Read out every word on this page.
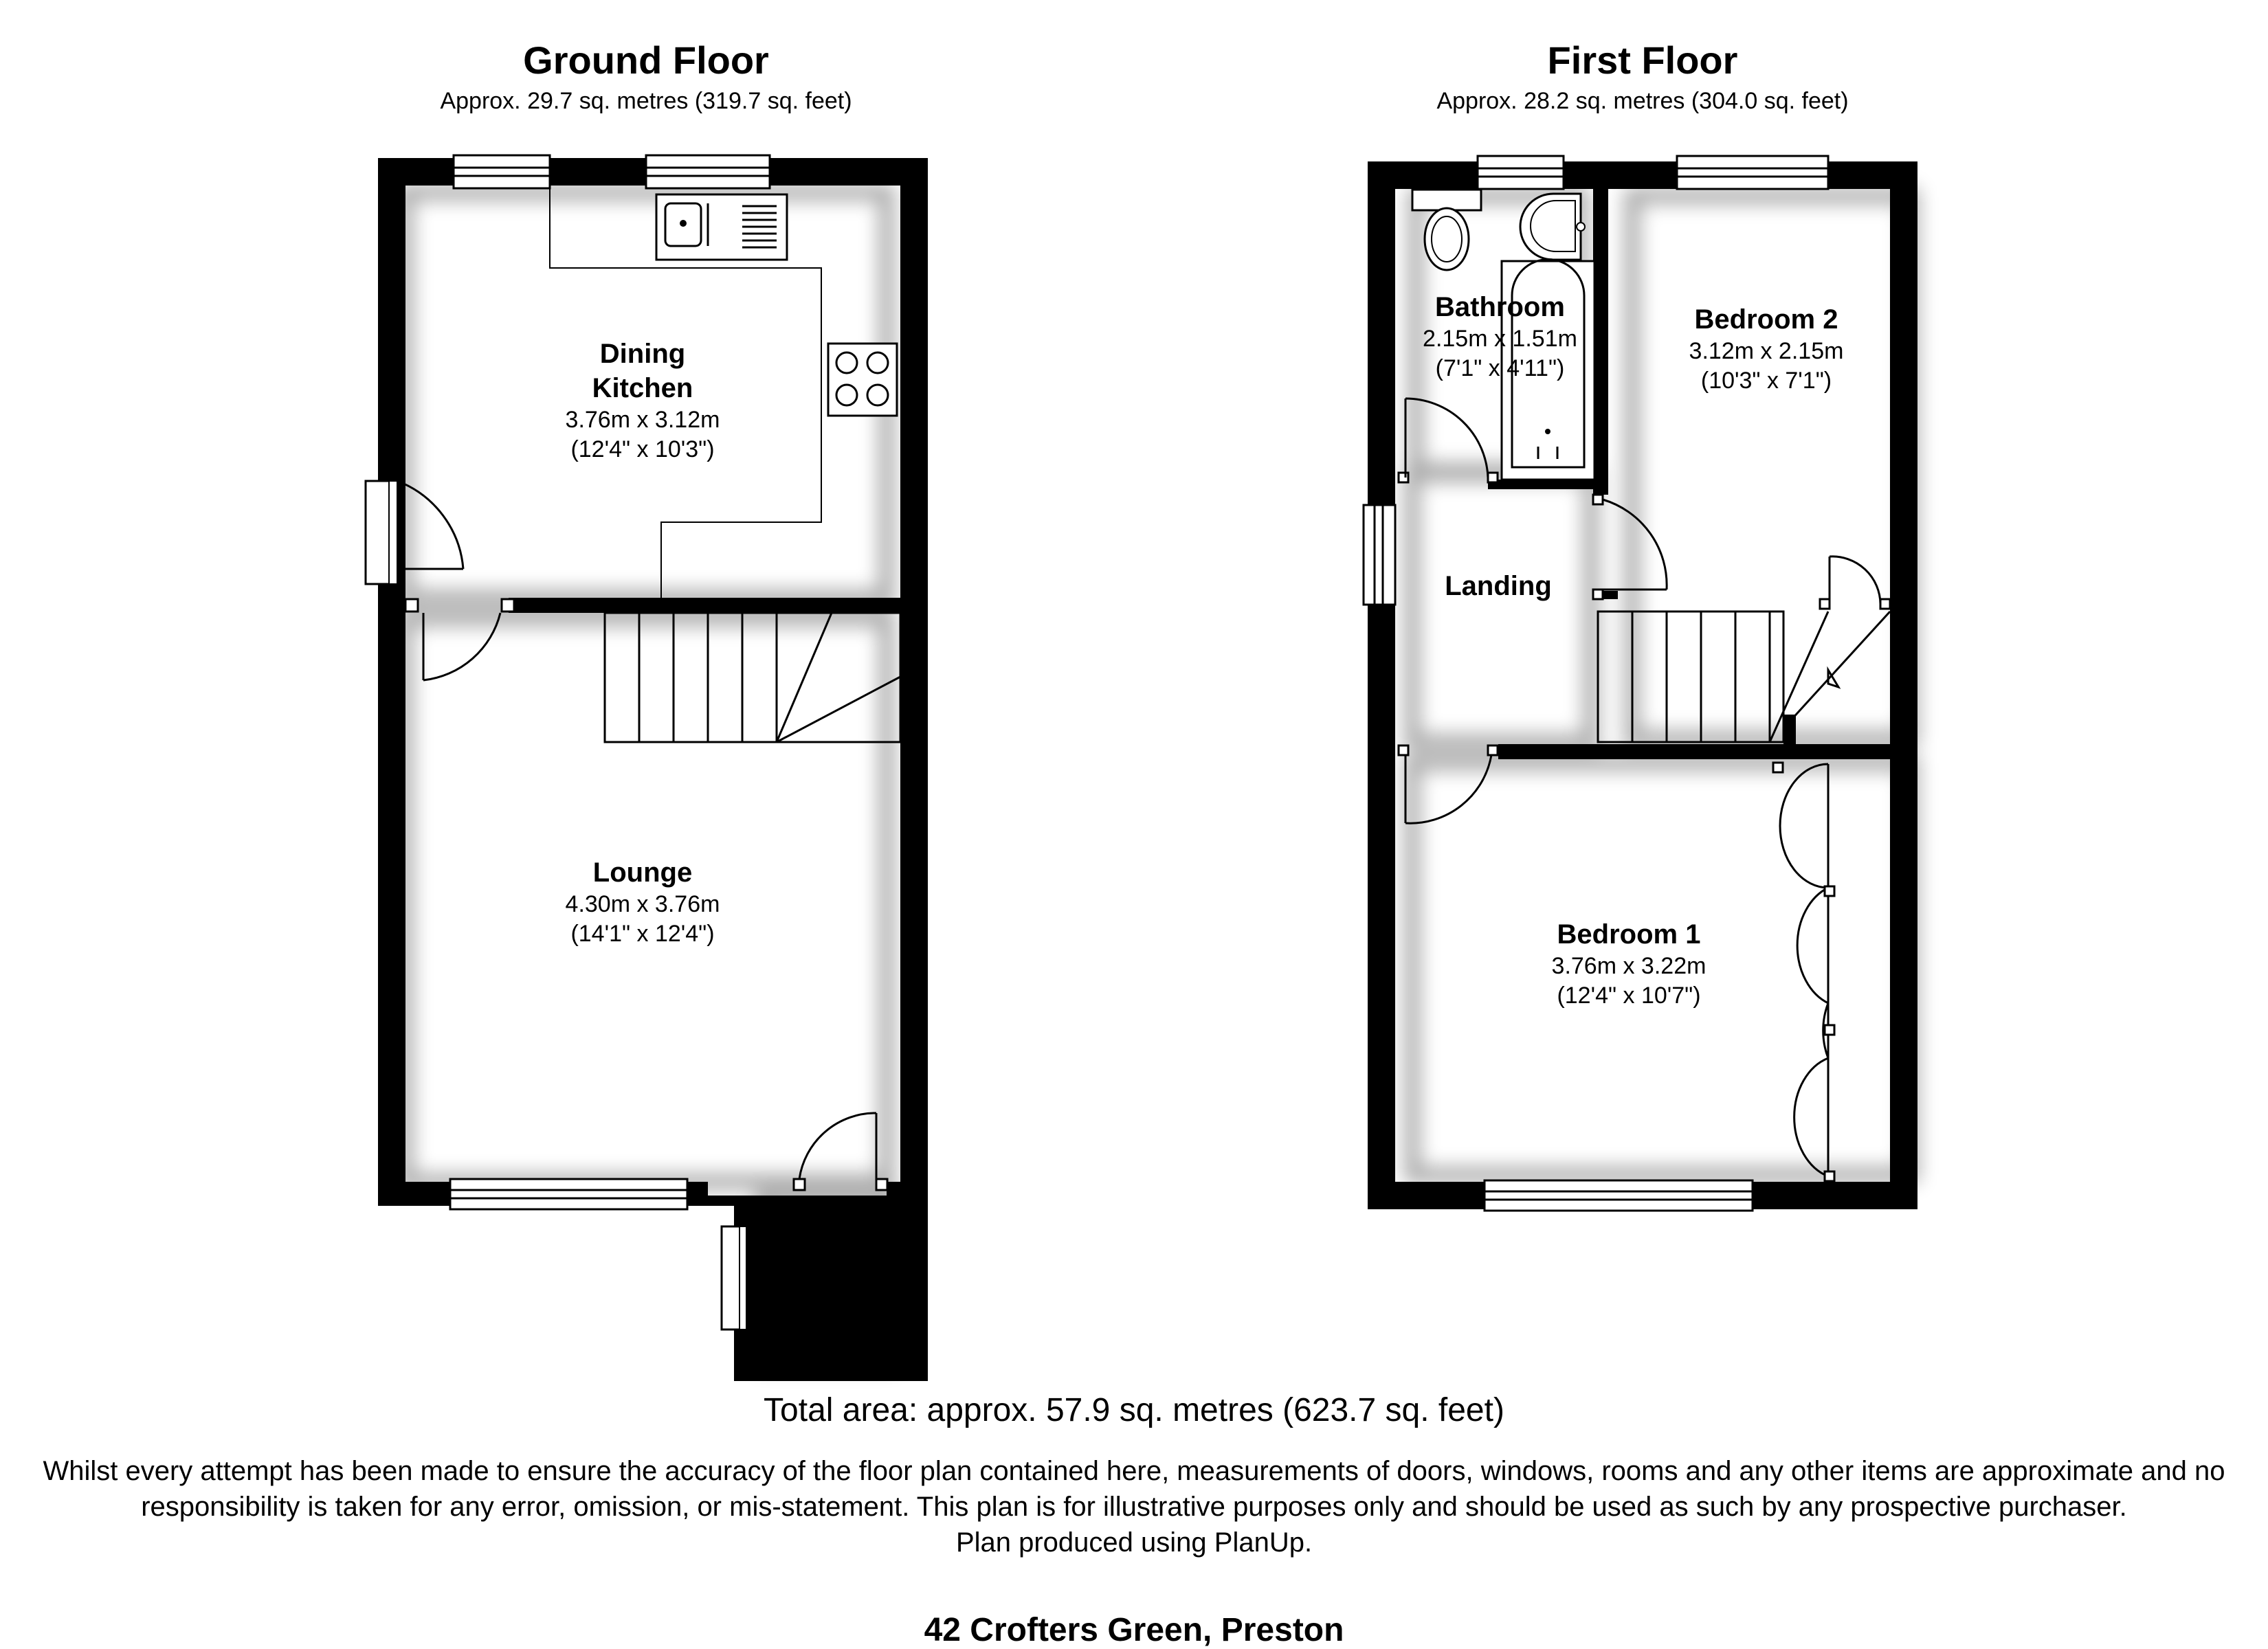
Ground Floor
Approx. 29.7 sq. metres (319.7 sq. feet)
First Floor
Approx. 28.2 sq. metres (304.0 sq. feet)
Dining
Kitchen
3.76m x 3.12m
(12'4" x 10'3")
Lounge
4.30m x 3.76m
(14'1" x 12'4")
Entrance
Hall
Bathroom
2.15m x 1.51m
(7'1" x 4'11")
Bedroom 2
3.12m x 2.15m
(10'3" x 7'1")
Landing
Bedroom 1
3.76m x 3.22m
(12'4" x 10'7")
Total area: approx. 57.9 sq. metres (623.7 sq. feet)
Whilst every attempt has been made to ensure the accuracy of the floor plan contained here, measurements of doors, windows, rooms and any other items are approximate and no responsibility is taken for any error, omission, or mis-statement. This plan is for illustrative purposes only and should be used as such by any prospective purchaser.
Plan produced using PlanUp.
42 Crofters Green, Preston
